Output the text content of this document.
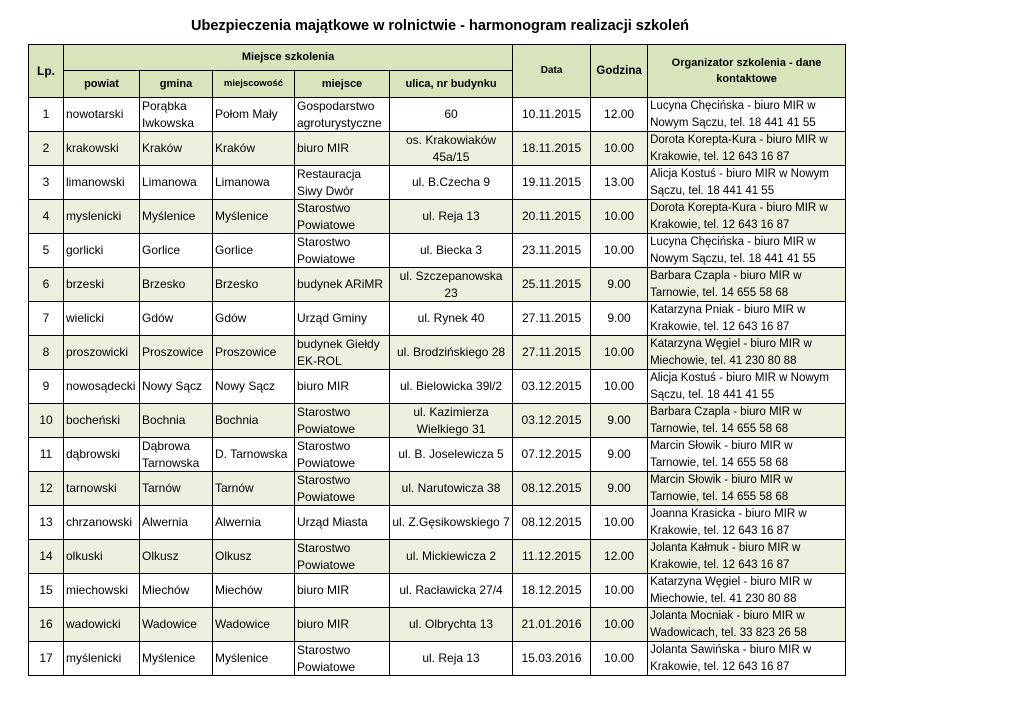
Ubezpieczenia majątkowe w rolnictwie - harmonogram realizacji szkoleń
Lp.	Miejsce szkolenia					Data	Godzina	Organizator szkolenia - dane kontaktowe
	powiat	gmina	miejscowość	miejsce	ulica, nr budynku			
1	nowotarski	Porąbka Iwkowska	Połom Mały	Gospodarstwo agroturystyczne	60	10.11.2015	12.00	Lucyna Chęcińska - biuro MIR w Nowym Sączu, tel. 18 441 41 55
2	krakowski	Kraków	Kraków	biuro MIR	os. Krakowiaków 45a/15	18.11.2015	10.00	Dorota Korepta-Kura - biuro MIR w Krakowie, tel. 12 643 16 87
3	limanowski	Limanowa	Limanowa	Restauracja Siwy Dwór	ul. B.Czecha 9	19.11.2015	13.00	Alicja Kostuś - biuro MIR w Nowym Sączu, tel. 18 441 41 55
4	myslenicki	Myślenice	Myślenice	Starostwo Powiatowe	ul. Reja 13	20.11.2015	10.00	Dorota Korepta-Kura - biuro MIR w Krakowie, tel. 12 643 16 87
5	gorlicki	Gorlice	Gorlice	Starostwo Powiatowe	ul. Biecka 3	23.11.2015	10.00	Lucyna Chęcińska - biuro MIR w Nowym Sączu, tel. 18 441 41 55
6	brzeski	Brzesko	Brzesko	budynek ARiMR	ul. Szczepanowska 23	25.11.2015	9.00	Barbara Czapla - biuro MIR w Tarnowie, tel. 14 655 58 68
7	wielicki	Gdów	Gdów	Urząd Gminy	ul. Rynek 40	27.11.2015	9.00	Katarzyna Pniak - biuro MIR w Krakowie, tel. 12 643 16 87
8	proszowicki	Proszowice	Proszowice	budynek Giełdy EK-ROL	ul. Brodzińskiego 28	27.11.2015	10.00	Katarzyna Węgiel - biuro MIR w Miechowie, tel. 41 230 80 88
9	nowosądecki	Nowy Sącz	Nowy Sącz	biuro MIR	ul. Bielowicka 39l/2	03.12.2015	10.00	Alicja Kostuś - biuro MIR w Nowym Sączu, tel. 18 441 41 55
10	bocheński	Bochnia	Bochnia	Starostwo Powiatowe	ul. Kazimierza Wielkiego 31	03.12.2015	9.00	Barbara Czapla - biuro MIR w Tarnowie, tel. 14 655 58 68
11	dąbrowski	Dąbrowa Tarnowska	D. Tarnowska	Starostwo Powiatowe	ul. B. Joselewicza 5	07.12.2015	9.00	Marcin Słowik - biuro MIR w Tarnowie, tel. 14 655 58 68
12	tarnowski	Tarnów	Tarnów	Starostwo Powiatowe	ul. Narutowicza 38	08.12.2015	9.00	Marcin Słowik - biuro MIR w Tarnowie, tel. 14 655 58 68
13	chrzanowski	Alwernia	Alwernia	Urząd Miasta	ul. Z.Gęsikowskiego 7	08.12.2015	10.00	Joanna Krasicka - biuro MIR w Krakowie, tel. 12 643 16 87
14	olkuski	Olkusz	Olkusz	Starostwo Powiatowe	ul. Mickiewicza 2	11.12.2015	12.00	Jolanta Kałmuk - biuro MIR w Krakowie, tel. 12 643 16 87
15	miechowski	Miechów	Miechów	biuro MIR	ul. Racławicka 27/4	18.12.2015	10.00	Katarzyna Węgiel - biuro MIR w Miechowie, tel. 41 230 80 88
16	wadowicki	Wadowice	Wadowice	biuro MIR	ul. Olbrychta 13	21.01.2016	10.00	Jolanta Mocniak - biuro MIR w Wadowicach, tel. 33 823 26 58
17	myślenicki	Myślenice	Myślenice	Starostwo Powiatowe	ul. Reja 13	15.03.2016	10.00	Jolanta Sawińska - biuro MIR w Krakowie, tel. 12 643 16 87
